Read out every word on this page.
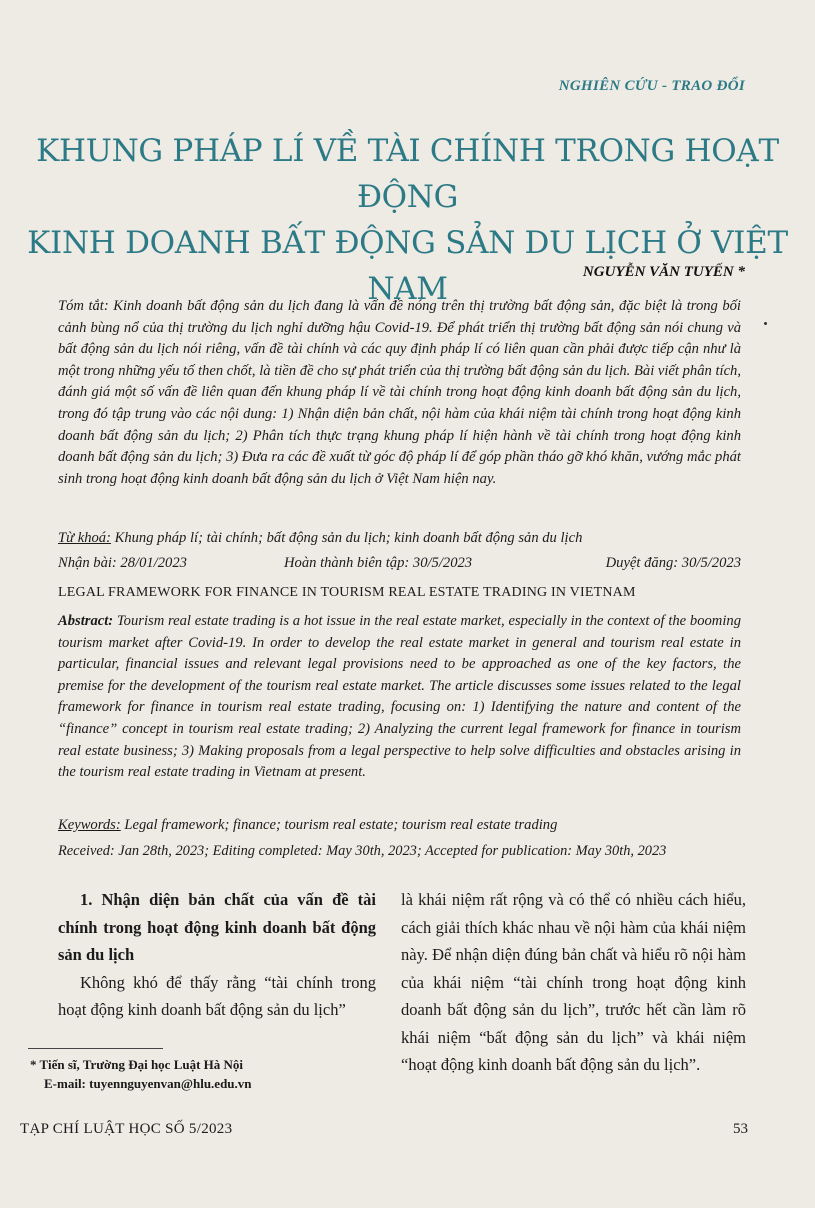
NGHIÊN CỨU - TRAO ĐỔI
KHUNG PHÁP LÍ VỀ TÀI CHÍNH TRONG HOẠT ĐỘNG
KINH DOANH BẤT ĐỘNG SẢN DU LỊCH Ở VIỆT NAM	NGUYỄN VĂN TUYẾN *
Tóm tắt: Kinh doanh bất động sản du lịch đang là vấn đề nóng trên thị trường bất động sản, đặc biệt là trong bối cảnh bùng nổ của thị trường du lịch nghỉ dưỡng hậu Covid-19. Để phát triển thị trường bất động sản nói chung và bất động sản du lịch nói riêng, vấn đề tài chính và các quy định pháp lí có liên quan cần phải được tiếp cận như là một trong những yếu tố then chốt, là tiền đề cho sự phát triển của thị trường bất động sản du lịch. Bài viết phân tích, đánh giá một số vấn đề liên quan đến khung pháp lí về tài chính trong hoạt động kinh doanh bất động sản du lịch, trong đó tập trung vào các nội dung: 1) Nhận diện bản chất, nội hàm của khái niệm tài chính trong hoạt động kinh doanh bất động sản du lịch; 2) Phân tích thực trạng khung pháp lí hiện hành về tài chính trong hoạt động kinh doanh bất động sản du lịch; 3) Đưa ra các đề xuất từ góc độ pháp lí để góp phần tháo gỡ khó khăn, vướng mắc phát sinh trong hoạt động kinh doanh bất động sản du lịch ở Việt Nam hiện nay.
Từ khoá: Khung pháp lí; tài chính; bất động sản du lịch; kinh doanh bất động sản du lịch
Nhận bài: 28/01/2023	Hoàn thành biên tập: 30/5/2023	Duyệt đăng: 30/5/2023
LEGAL FRAMEWORK FOR FINANCE IN TOURISM REAL ESTATE TRADING IN VIETNAM
Abstract: Tourism real estate trading is a hot issue in the real estate market, especially in the context of the booming tourism market after Covid-19. In order to develop the real estate market in general and tourism real estate in particular, financial issues and relevant legal provisions need to be approached as one of the key factors, the premise for the development of the tourism real estate market. The article discusses some issues related to the legal framework for finance in tourism real estate trading, focusing on: 1) Identifying the nature and content of the “finance” concept in tourism real estate trading; 2) Analyzing the current legal framework for finance in tourism real estate business; 3) Making proposals from a legal perspective to help solve difficulties and obstacles arising in the tourism real estate trading in Vietnam at present.
Keywords: Legal framework; finance; tourism real estate; tourism real estate trading
Received: Jan 28th, 2023; Editing completed: May 30th, 2023; Accepted for publication: May 30th, 2023

1. Nhận diện bản chất của vấn đề tài chính trong hoạt động kinh doanh bất động sản du lịch

Không khó để thấy rằng “tài chính trong hoạt động kinh doanh bất động sản du lịch”

là khái niệm rất rộng và có thể có nhiều cách hiểu, cách giải thích khác nhau về nội hàm của khái niệm này. Để nhận diện đúng bản chất và hiểu rõ nội hàm của khái niệm “tài chính trong hoạt động kinh doanh bất động sản du lịch”, trước hết cần làm rõ khái niệm “bất động sản du lịch” và khái niệm “hoạt động kinh doanh bất động sản du lịch”.
* Tiến sĩ, Trường Đại học Luật Hà Nội
E-mail: tuyennguyenvan@hlu.edu.vn
TẠP CHÍ LUẬT HỌC SỐ 5/2023	53
